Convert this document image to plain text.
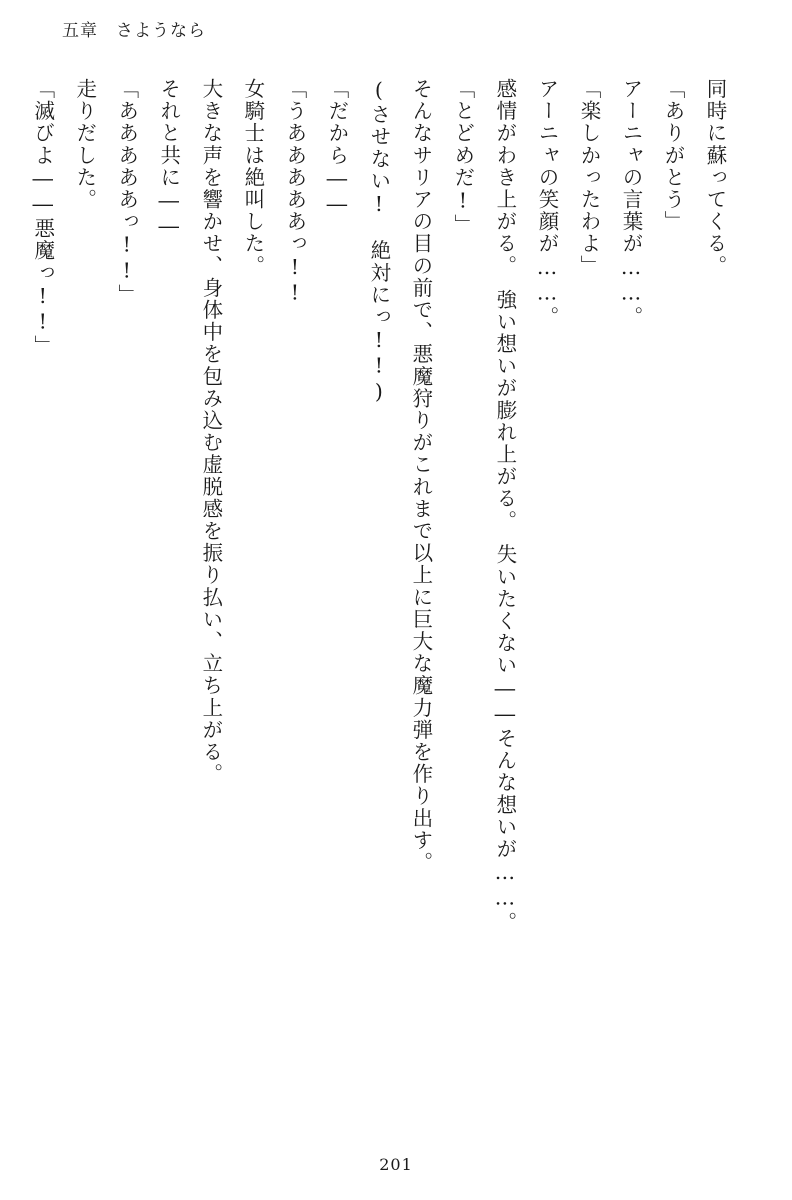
五章 さようなら

同時に蘇ってくる。

「ありがとう」

アーニャの言葉が……。

「楽しかったわよ」

アーニャの笑顔が……。

感情がわき上がる。　強い想いが膨れ上がる。　失いたくない――そんな想いが……。

「とどめだ!」

そんなサリアの目の前で、悪魔狩りがこれまで以上に巨大な魔力弾を作り出す。

(させない!　絶対にっ!!)

「だから――

「うあああああっ!!

女騎士は絶叫した。

大きな声を響かせ、身体中を包み込む虚脱感を振り払い、立ち上がる。

それと共に――

「あああああっ!!」

走りだした。

「滅びよ――悪魔っ!!」

201
